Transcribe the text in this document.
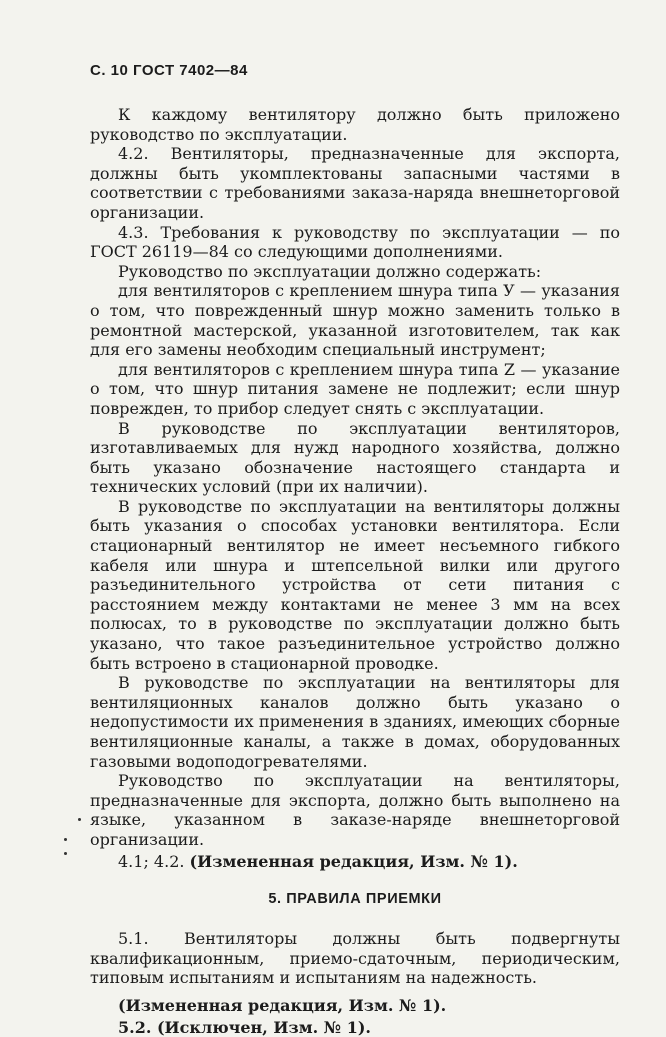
С. 10 ГОСТ 7402—84

К каждому вентилятору должно быть приложено руководство по эксплуатации.

4.2. Вентиляторы, предназначенные для экспорта, должны быть укомплектованы запасными частями в соответствии с требованиями заказа-наряда внешнеторговой организации.

4.3. Требования к руководству по эксплуатации — по ГОСТ 26119—84 со следующими дополнениями.

Руководство по эксплуатации должно содержать:

для вентиляторов с креплением шнура типа У — указания о том, что поврежденный шнур можно заменить только в ремонтной мастерской, указанной изготовителем, так как для его замены необходим специальный инструмент;

для вентиляторов с креплением шнура типа Z — указание о том, что шнур питания замене не подлежит; если шнур поврежден, то прибор следует снять с эксплуатации.

В руководстве по эксплуатации вентиляторов, изготавливаемых для нужд народного хозяйства, должно быть указано обозначение настоящего стандарта и технических условий (при их наличии).

В руководстве по эксплуатации на вентиляторы должны быть указания о способах установки вентилятора. Если стационарный вентилятор не имеет несъемного гибкого кабеля или шнура и штепсельной вилки или другого разъединительного устройства от сети питания с расстоянием между контактами не менее 3 мм на всех полюсах, то в руководстве по эксплуатации должно быть указано, что такое разъединительное устройство должно быть встроено в стационарной проводке.

В руководстве по эксплуатации на вентиляторы для вентиляционных каналов должно быть указано о недопустимости их применения в зданиях, имеющих сборные вентиляционные каналы, а также в домах, оборудованных газовыми водоподогревателями.

Руководство по эксплуатации на вентиляторы, предназначенные для экспорта, должно быть выполнено на языке, указанном в заказе-наряде внешнеторговой организации.

4.1; 4.2. (Измененная редакция, Изм. № 1).

5. ПРАВИЛА ПРИЕМКИ

5.1. Вентиляторы должны быть подвергнуты квалификационным, приемо-сдаточным, периодическим, типовым испытаниям и испытаниям на надежность.

(Измененная редакция, Изм. № 1).

5.2. (Исключен, Изм. № 1).
